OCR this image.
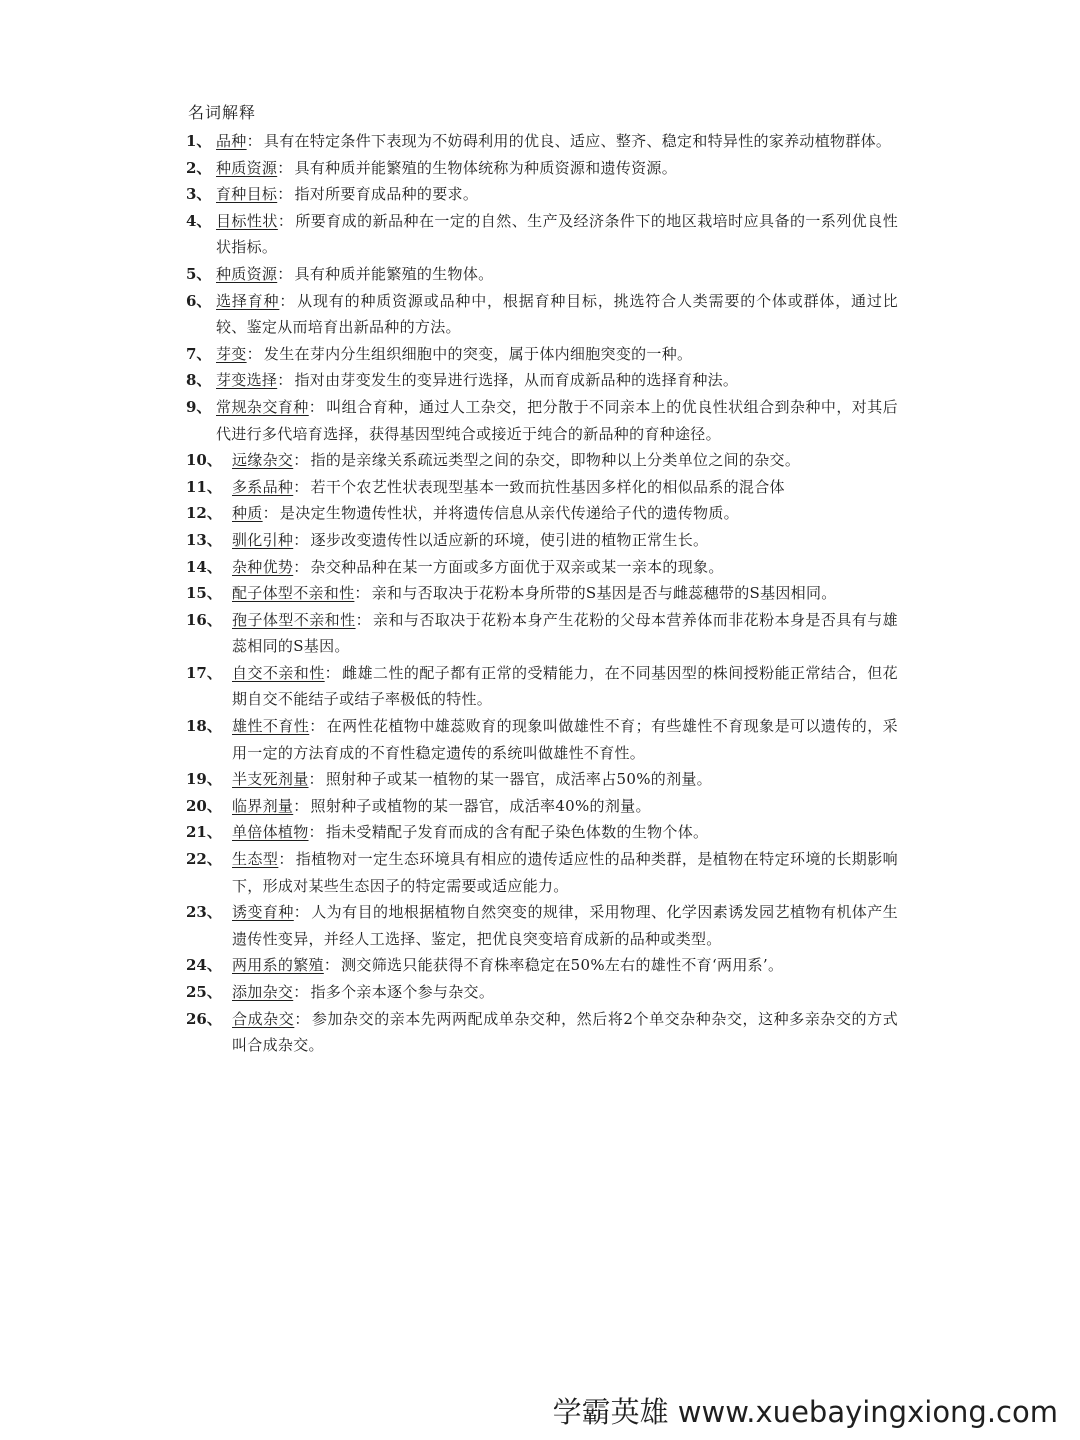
名词解释
1、 品种： 具有在特定条件下表现为不妨碍利用的优良、适应、整齐、稳定和特异性的家养动植物群体。
2、 种质资源： 具有种质并能繁殖的生物体统称为种质资源和遗传资源。
3、 育种目标： 指对所要育成品种的要求。
4、 目标性状： 所要育成的新品种在一定的自然、生产及经济条件下的地区栽培时应具备的一系列优良性状指标。
5、 种质资源： 具有种质并能繁殖的生物体。
6、 选择育种： 从现有的种质资源或品种中，根据育种目标，挑选符合人类需要的个体或群体，通过比较、鉴定从而培育出新品种的方法。
7、 芽变： 发生在芽内分生组织细胞中的突变，属于体内细胞突变的一种。
8、 芽变选择： 指对由芽变发生的变异进行选择，从而育成新品种的选择育种法。
9、 常规杂交育种： 叫组合育种，通过人工杂交，把分散于不同亲本上的优良性状组合到杂种中，对其后代进行多代培育选择，获得基因型纯合或接近于纯合的新品种的育种途径。
10、 远缘杂交： 指的是亲缘关系疏远类型之间的杂交，即物种以上分类单位之间的杂交。
11、 多系品种： 若干个农艺性状表现型基本一致而抗性基因多样化的相似品系的混合体
12、 种质： 是决定生物遗传性状，并将遗传信息从亲代传递给子代的遗传物质。
13、 驯化引种： 逐步改变遗传性以适应新的环境，使引进的植物正常生长。
14、 杂种优势： 杂交种品种在某一方面或多方面优于双亲或某一亲本的现象。
15、 配子体型不亲和性： 亲和与否取决于花粉本身所带的S基因是否与雌蕊穗带的S基因相同。
16、 孢子体型不亲和性： 亲和与否取决于花粉本身产生花粉的父母本营养体而非花粉本身是否具有与雄蕊相同的S基因。
17、 自交不亲和性： 雌雄二性的配子都有正常的受精能力，在不同基因型的株间授粉能正常结合，但花期自交不能结子或结子率极低的特性。
18、 雄性不育性： 在两性花植物中雄蕊败育的现象叫做雄性不育；有些雄性不育现象是可以遗传的，采用一定的方法育成的不育性稳定遗传的系统叫做雄性不育性。
19、 半支死剂量： 照射种子或某一植物的某一器官，成活率占50%的剂量。
20、 临界剂量： 照射种子或植物的某一器官，成活率40%的剂量。
21、 单倍体植物： 指未受精配子发育而成的含有配子染色体数的生物个体。
22、 生态型： 指植物对一定生态环境具有相应的遗传适应性的品种类群，是植物在特定环境的长期影响下，形成对某些生态因子的特定需要或适应能力。
23、 诱变育种： 人为有目的地根据植物自然突变的规律，采用物理、化学因素诱发园艺植物有机体产生遗传性变异，并经人工选择、鉴定，把优良突变培育成新的品种或类型。
24、 两用系的繁殖： 测交筛选只能获得不育株率稳定在50%左右的雄性不育‘两用系’。
25、 添加杂交： 指多个亲本逐个参与杂交。
26、 合成杂交： 参加杂交的亲本先两两配成单杂交种，然后将2个单交杂种杂交，这种多亲杂交的方式叫合成杂交。
学霸英雄 www.xuebayingxiong.com
